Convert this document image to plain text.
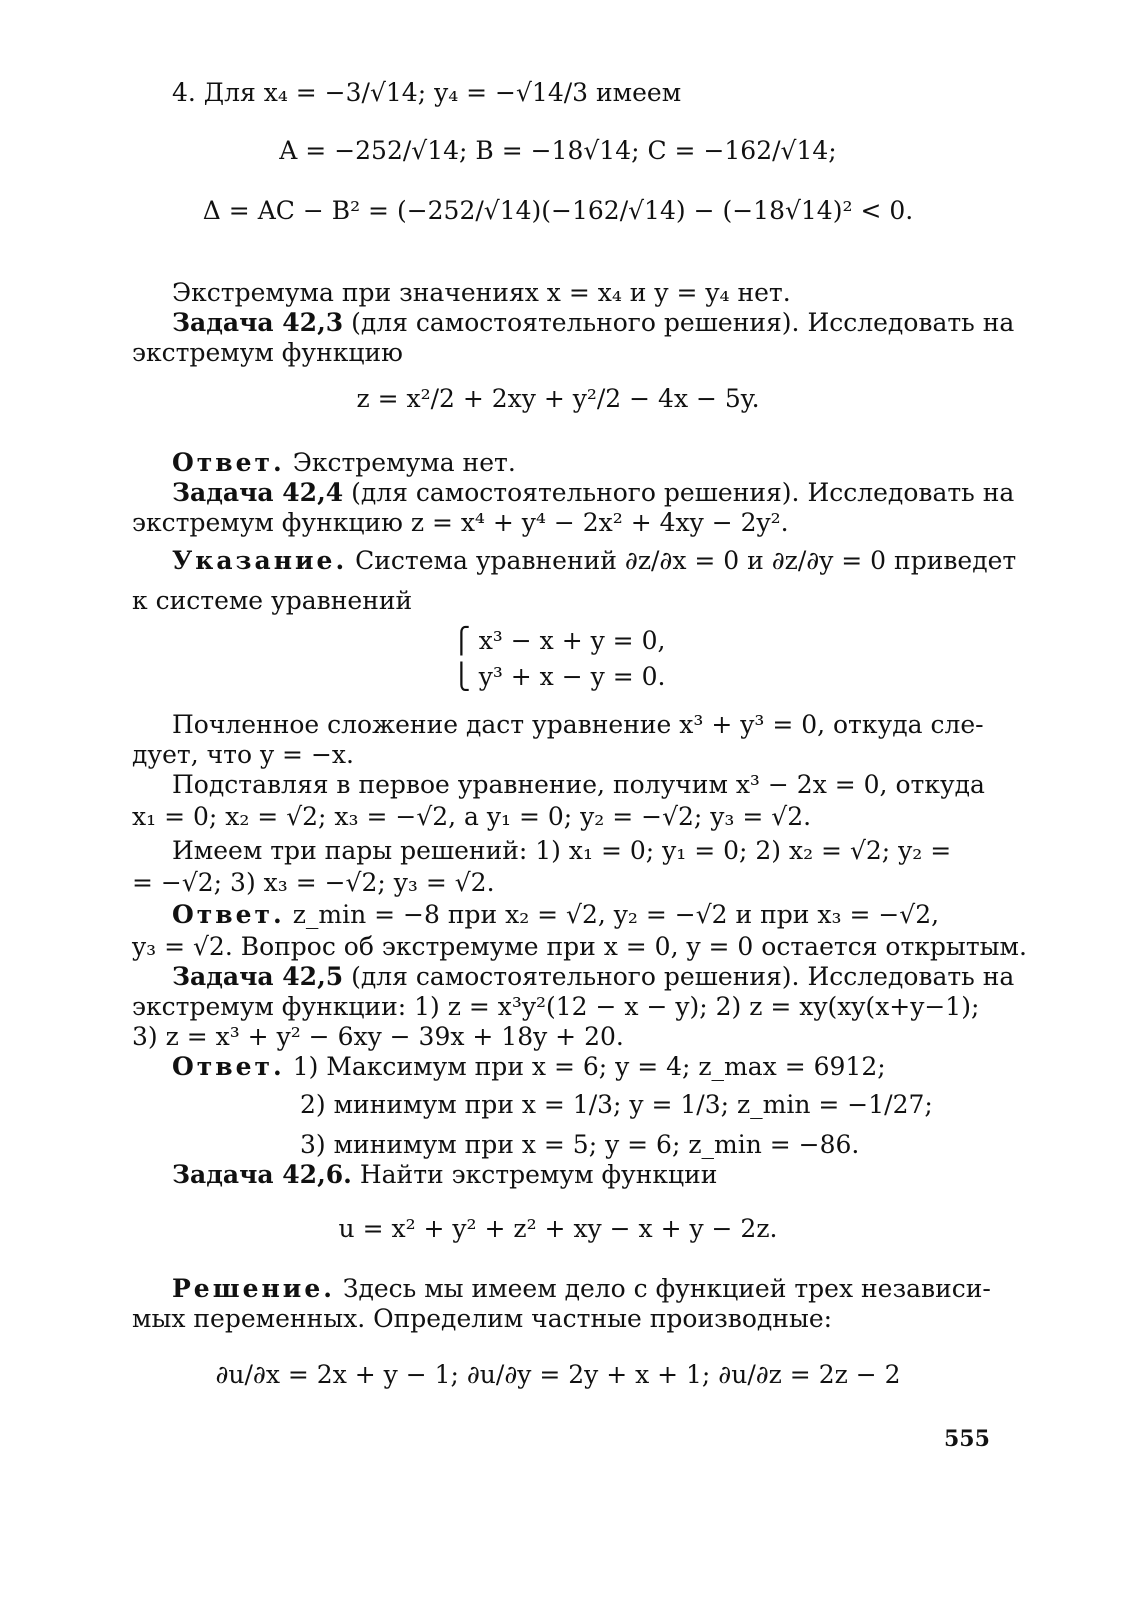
4. Для x₄ = −3/√14; y₄ = −√14/3 имеем
A = −252/√14; B = −18√14; C = −162/√14;
Δ = AC − B² = (−252/√14)(−162/√14) − (−18√14)² < 0.
Экстремума при значениях x = x₄ и y = y₄ нет.
Задача 42,3 (для самостоятельного решения). Исследовать на
экстремум функцию
z = x²/2 + 2xy + y²/2 − 4x − 5y.
Ответ. Экстремума нет.
Задача 42,4 (для самостоятельного решения). Исследовать на
экстремум функцию z = x⁴ + y⁴ − 2x² + 4xy − 2y².
Указание. Система уравнений ∂z/∂x = 0 и ∂z/∂y = 0 приведет
к системе уравнений
⎧ x³ − x + y = 0,
⎩ y³ + x − y = 0.
Почленное сложение даст уравнение x³ + y³ = 0, откуда сле-
дует, что y = −x.
Подставляя в первое уравнение, получим x³ − 2x = 0, откуда
x₁ = 0; x₂ = √2; x₃ = −√2, а y₁ = 0; y₂ = −√2; y₃ = √2.
Имеем три пары решений: 1) x₁ = 0; y₁ = 0; 2) x₂ = √2; y₂ =
= −√2; 3) x₃ = −√2; y₃ = √2.
Ответ. z_min = −8 при x₂ = √2, y₂ = −√2 и при x₃ = −√2,
y₃ = √2. Вопрос об экстремуме при x = 0, y = 0 остается открытым.
Задача 42,5 (для самостоятельного решения). Исследовать на
экстремум функции: 1) z = x³y²(12 − x − y); 2) z = xy(xy(x+y−1);
3) z = x³ + y² − 6xy − 39x + 18y + 20.
Ответ. 1) Максимум при x = 6; y = 4; z_max = 6912;
2) минимум при x = 1/3; y = 1/3; z_min = −1/27;
3) минимум при x = 5; y = 6; z_min = −86.
Задача 42,6. Найти экстремум функции
u = x² + y² + z² + xy − x + y − 2z.
Решение. Здесь мы имеем дело с функцией трех независи-
мых переменных. Определим частные производные:
∂u/∂x = 2x + y − 1; ∂u/∂y = 2y + x + 1; ∂u/∂z = 2z − 2
555
